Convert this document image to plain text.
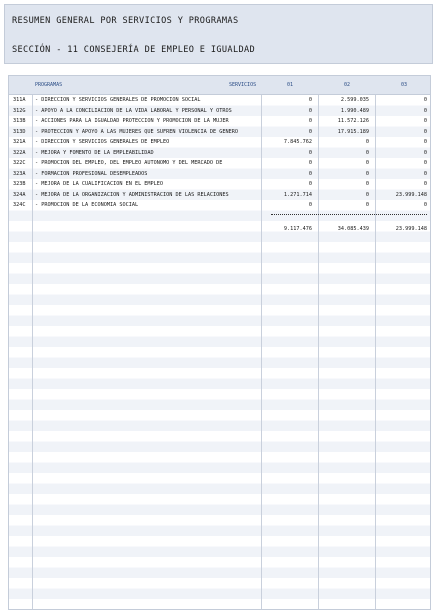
RESUMEN GENERAL POR SERVICIOS Y PROGRAMAS
SECCIÓN - 11 CONSEJERÍA DE EMPLEO E IGUALDAD
PROGRAMAS	SERVICIOS	01	02	03
311A - DIRECCIÓN Y SERVICIOS GENERALES DE PROMOCIÓN SOCIAL	0	2.599.035	0
312G - APOYO A LA CONCILIACIÓN DE LA VIDA LABORAL Y PERSONAL Y OTROS	0	1.990.489	0
313B - ACCIONES PARA LA IGUALDAD PROTECCIÓN Y PROMOCIÓN DE LA MUJER	0	11.572.126	0
313D - PROTECCIÓN Y APOYO A LAS MUJERES QUE SUFREN VIOLENCIA DE GÉNERO	0	17.915.189	0
321A - DIRECCIÓN Y SERVICIOS GENERALES DE EMPLEO	7.845.762	0	0
322A - MEJORA Y FOMENTO DE LA EMPLEABILIDAD	0	0	0
322C - PROMOCIÓN DEL EMPLEO, DEL EMPLEO AUTÓNOMO Y DEL MERCADO DE	0	0	0
323A - FORMACIÓN PROFESIONAL DESEMPLEADOS	0	0	0
323B - MEJORA DE LA CUALIFICACIÓN EN EL EMPLEO	0	0	0
324A - MEJORA DE LA ORGANIZACIÓN Y ADMINISTRACIÓN DE LAS RELACIONES	1.271.714	0	23.999.148
324C - PROMOCIÓN DE LA ECONOMÍA SOCIAL	0	0	0
9.117.476	34.085.439	23.999.148
